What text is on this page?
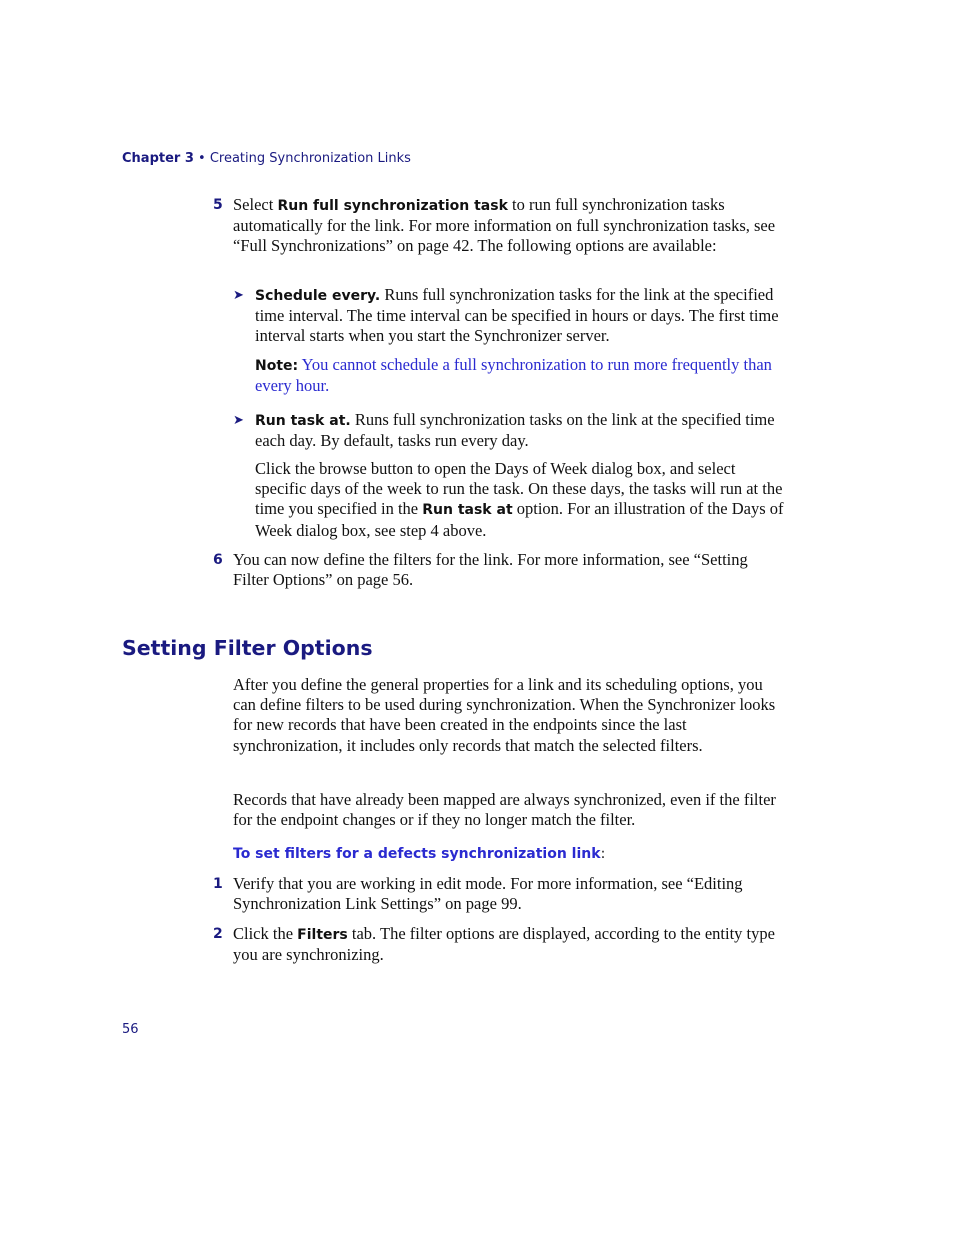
Chapter 3 • Creating Synchronization Links
5 Select Run full synchronization task to run full synchronization tasks automatically for the link. For more information on full synchronization tasks, see “Full Synchronizations” on page 42. The following options are available:
➤ Schedule every. Runs full synchronization tasks for the link at the specified time interval. The time interval can be specified in hours or days. The first time interval starts when you start the Synchronizer server.
Note: You cannot schedule a full synchronization to run more frequently than every hour.
➤ Run task at. Runs full synchronization tasks on the link at the specified time each day. By default, tasks run every day.
Click the browse button to open the Days of Week dialog box, and select specific days of the week to run the task. On these days, the tasks will run at the time you specified in the Run task at option. For an illustration of the Days of Week dialog box, see step 4 above.
6 You can now define the filters for the link. For more information, see “Setting Filter Options” on page 56.
Setting Filter Options
After you define the general properties for a link and its scheduling options, you can define filters to be used during synchronization. When the Synchronizer looks for new records that have been created in the endpoints since the last synchronization, it includes only records that match the selected filters.
Records that have already been mapped are always synchronized, even if the filter for the endpoint changes or if they no longer match the filter.
To set filters for a defects synchronization link:
1 Verify that you are working in edit mode. For more information, see “Editing Synchronization Link Settings” on page 99.
2 Click the Filters tab. The filter options are displayed, according to the entity type you are synchronizing.
56
